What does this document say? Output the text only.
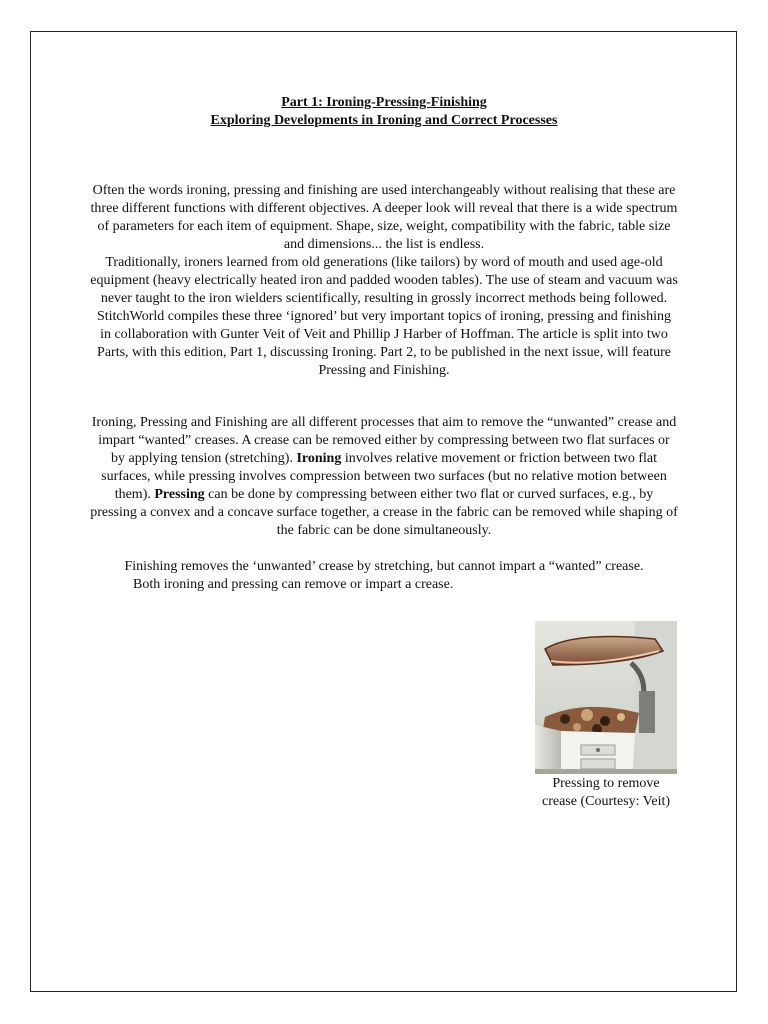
Part 1: Ironing-Pressing-Finishing
Exploring Developments in Ironing and Correct Processes

Often the words ironing, pressing and finishing are used interchangeably without realising that these are three different functions with different objectives. A deeper look will reveal that there is a wide spectrum of parameters for each item of equipment. Shape, size, weight, compatibility with the fabric, table size and dimensions... the list is endless.

Traditionally, ironers learned from old generations (like tailors) by word of mouth and used age-old equipment (heavy electrically heated iron and padded wooden tables). The use of steam and vacuum was never taught to the iron wielders scientifically, resulting in grossly incorrect methods being followed.

StitchWorld compiles these three ‘ignored’ but very important topics of ironing, pressing and finishing in collaboration with Gunter Veit of Veit and Phillip J Harber of Hoffman. The article is split into two Parts, with this edition, Part 1, discussing Ironing. Part 2, to be published in the next issue, will feature Pressing and Finishing.

Ironing, Pressing and Finishing are all different processes that aim to remove the “unwanted” crease and impart “wanted” creases. A crease can be removed either by compressing between two flat surfaces or by applying tension (stretching). Ironing involves relative movement or friction between two flat surfaces, while pressing involves compression between two surfaces (but no relative motion between them). Pressing can be done by compressing between either two flat or curved surfaces, e.g., by pressing a convex and a concave surface together, a crease in the fabric can be removed while shaping of the fabric can be done simultaneously.

Finishing removes the ‘unwanted’ crease by stretching, but cannot impart a “wanted” crease.
Both ironing and pressing can remove or impart a crease.
Pressing to remove
crease (Courtesy: Veit)
